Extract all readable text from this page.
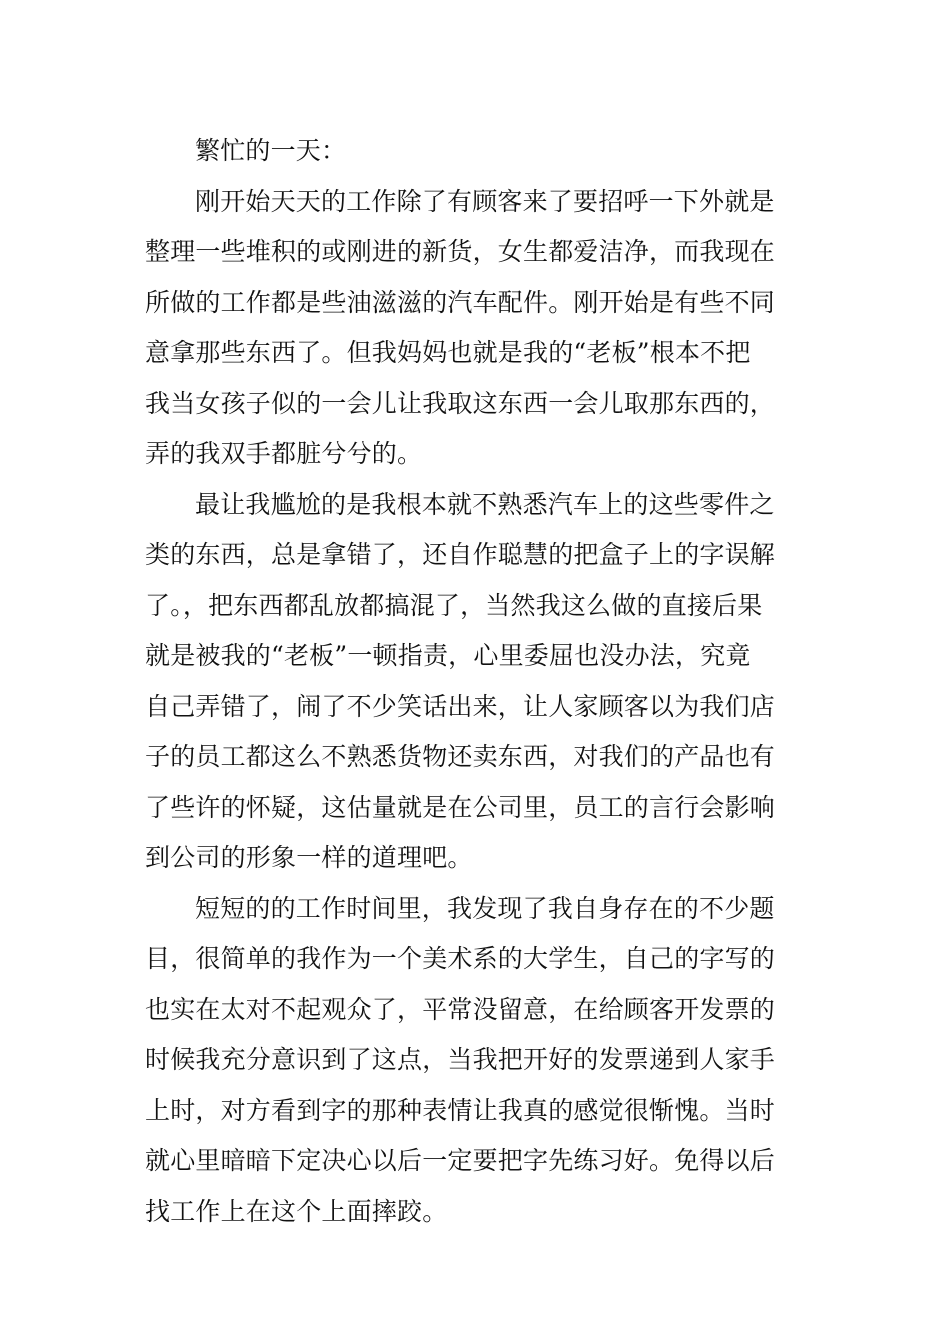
繁忙的一天：
刚开始天天的工作除了有顾客来了要招呼一下外就是
整理一些堆积的或刚进的新货，女生都爱洁净，而我现在
所做的工作都是些油滋滋的汽车配件。刚开始是有些不同
意拿那些东西了。但我妈妈也就是我的“老板”根本不把
我当女孩子似的一会儿让我取这东西一会儿取那东西的，
弄的我双手都脏兮兮的。
最让我尴尬的是我根本就不熟悉汽车上的这些零件之
类的东西，总是拿错了，还自作聪慧的把盒子上的字误解
了。，把东西都乱放都搞混了，当然我这么做的直接后果
就是被我的“老板”一顿指责，心里委屈也没办法，究竟
自己弄错了，闹了不少笑话出来，让人家顾客以为我们店
子的员工都这么不熟悉货物还卖东西，对我们的产品也有
了些许的怀疑，这估量就是在公司里，员工的言行会影响
到公司的形象一样的道理吧。
短短的的工作时间里，我发现了我自身存在的不少题
目，很简单的我作为一个美术系的大学生，自己的字写的
也实在太对不起观众了，平常没留意，在给顾客开发票的
时候我充分意识到了这点，当我把开好的发票递到人家手
上时，对方看到字的那种表情让我真的感觉很惭愧。当时
就心里暗暗下定决心以后一定要把字先练习好。免得以后
找工作上在这个上面摔跤。
